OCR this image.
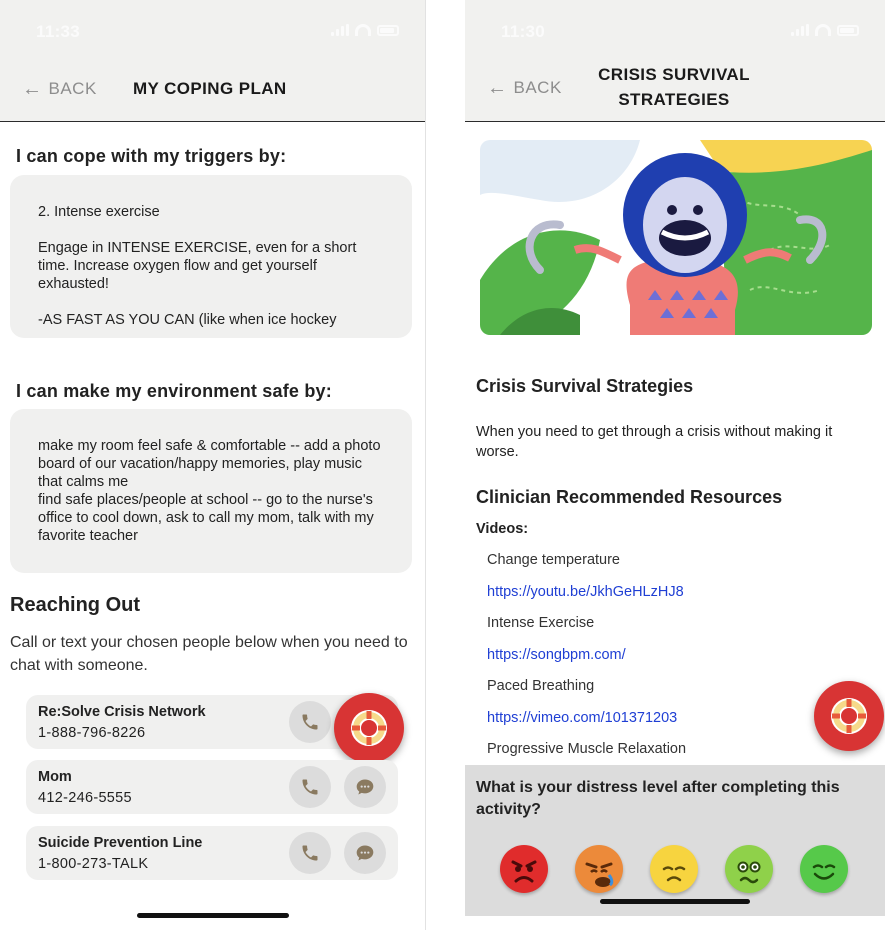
11:33
← BACK MY COPING PLAN
I can cope with my triggers by:

2. Intense exercise

Engage in INTENSE EXERCISE, even for a short time. Increase oxygen flow and get yourself exhausted!

-AS FAST AS YOU CAN (like when ice hockey

I can make my environment safe by:

make my room feel safe & comfortable -- add a photo board of our vacation/happy memories, play music that calms me
find safe places/people at school -- go to the nurse's office to cool down, ask to call my mom, talk with my favorite teacher

Reaching Out
Call or text your chosen people below when you need to chat with someone.
Re:Solve Crisis Network
1-888-796-8226
Mom
412-246-5555
Suicide Prevention Line
1-800-273-TALK
11:30
← BACK
CRISIS SURVIVAL
STRATEGIES
Crisis Survival Strategies
When you need to get through a crisis without making it worse.
Clinician Recommended Resources
Videos:
Change temperature
https://youtu.be/JkhGeHLzHJ8
Intense Exercise
https://songbpm.com/
Paced Breathing
https://vimeo.com/101371203
Progressive Muscle Relaxation
What is your distress level after completing this activity?
